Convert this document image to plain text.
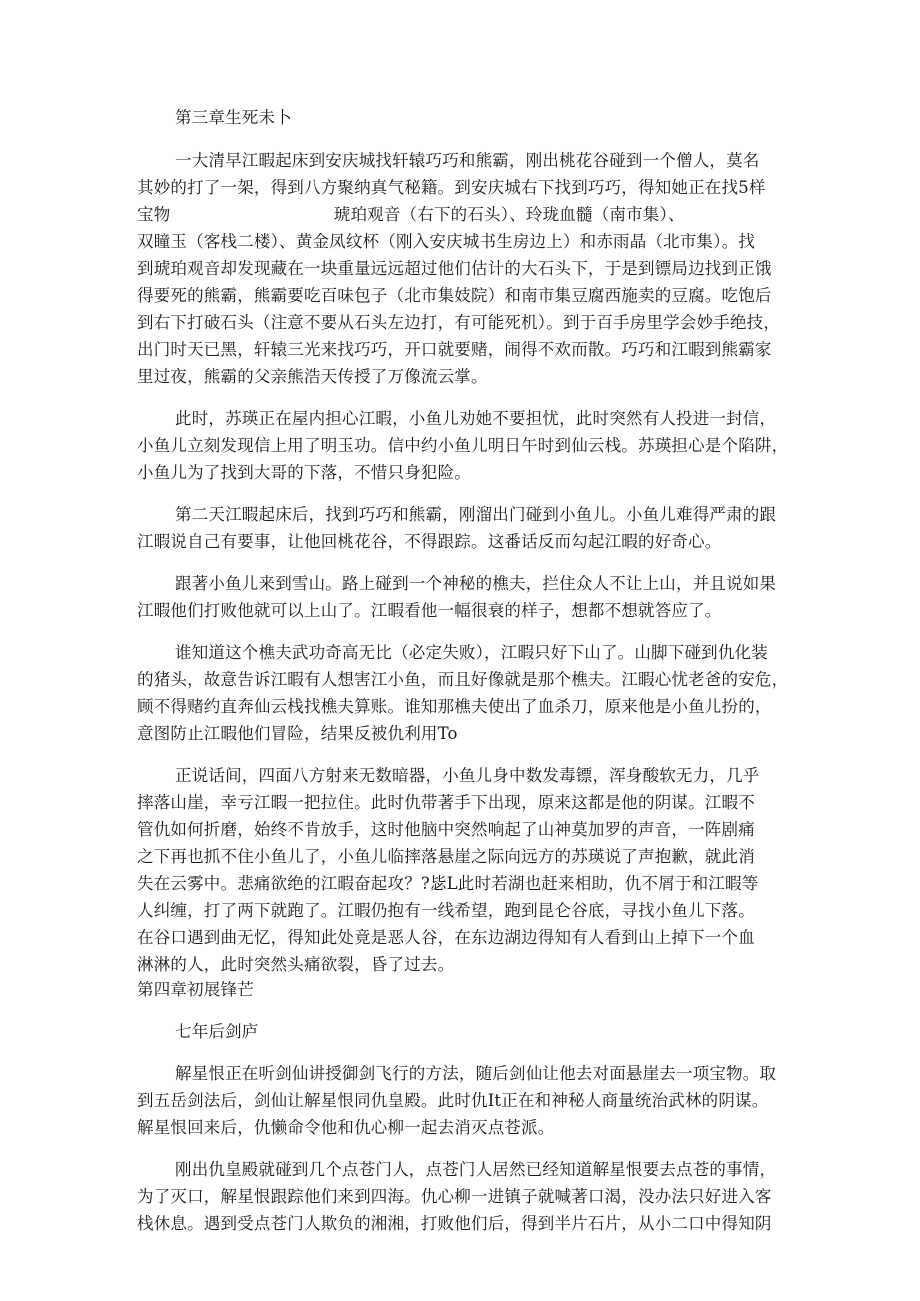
第三章生死未卜
一大清早江暇起床到安庆城找轩辕巧巧和熊霸，刚出桃花谷碰到一个僧人，莫名
其妙的打了一架，得到八方聚纳真气秘籍。到安庆城右下找到巧巧，得知她正在找5样
宝物                              琥珀观音（右下的石头）、玲珑血髓（南市集）、
双瞳玉（客栈二楼）、黄金凤纹杯（刚入安庆城书生房边上）和赤雨晶（北市集）。找
到琥珀观音却发现藏在一块重量远远超过他们估计的大石头下，于是到镖局边找到正饿
得要死的熊霸，熊霸要吃百味包子（北市集妓院）和南市集豆腐西施卖的豆腐。吃饱后
到右下打破石头（注意不要从石头左边打，有可能死机）。到于百手房里学会妙手绝技，
出门时天已黑，轩辕三光来找巧巧，开口就要赌，闹得不欢而散。巧巧和江暇到熊霸家
里过夜，熊霸的父亲熊浩天传授了万像流云掌。
此时，苏瑛正在屋内担心江暇，小鱼儿劝她不要担忧，此时突然有人投进一封信，
小鱼儿立刻发现信上用了明玉功。信中约小鱼儿明日午时到仙云栈。苏瑛担心是个陷阱，
小鱼儿为了找到大哥的下落，不惜只身犯险。
第二天江暇起床后，找到巧巧和熊霸，刚溜出门碰到小鱼儿。小鱼儿难得严肃的跟
江暇说自己有要事，让他回桃花谷，不得跟踪。这番话反而勾起江暇的好奇心。
跟著小鱼儿来到雪山。路上碰到一个神秘的樵夫，拦住众人不让上山，并且说如果
江暇他们打败他就可以上山了。江暇看他一幅很衰的样子，想都不想就答应了。
谁知道这个樵夫武功奇高无比（必定失败），江暇只好下山了。山脚下碰到仇化装
的猪头，故意告诉江暇有人想害江小鱼，而且好像就是那个樵夫。江暇心忧老爸的安危，
顾不得赌约直奔仙云栈找樵夫算账。谁知那樵夫使出了血杀刀，原来他是小鱼儿扮的，
意图防止江暇他们冒险，结果反被仇利用To
正说话间，四面八方射来无数暗器，小鱼儿身中数发毒镖，浑身酸软无力，几乎
摔落山崖，幸亏江暇一把拉住。此时仇带著手下出现，原来这都是他的阴谋。江暇不
管仇如何折磨，始终不肯放手，这时他脑中突然响起了山神莫加罗的声音，一阵剧痛
之下再也抓不住小鱼儿了，小鱼儿临摔落悬崖之际向远方的苏瑛说了声抱歉，就此消
失在云雾中。悲痛欲绝的江暇奋起攻？?毖L此时若湖也赶来相助，仇不屑于和江暇等
人纠缠，打了两下就跑了。江暇仍抱有一线希望，跑到昆仑谷底，寻找小鱼儿下落。
在谷口遇到曲无忆，得知此处竟是恶人谷，在东边湖边得知有人看到山上掉下一个血
淋淋的人，此时突然头痛欲裂，昏了过去。
第四章初展锋芒
七年后剑庐
解星恨正在听剑仙讲授御剑飞行的方法，随后剑仙让他去对面悬崖去一项宝物。取
到五岳剑法后，剑仙让解星恨同仇皇殿。此时仇It正在和神秘人商量统治武林的阴谋。
解星恨回来后，仇懒命令他和仇心柳一起去消灭点苍派。
刚出仇皇殿就碰到几个点苍门人，点苍门人居然已经知道解星恨要去点苍的事情，
为了灭口，解星恨跟踪他们来到四海。仇心柳一进镇子就喊著口渴，没办法只好进入客
栈休息。遇到受点苍门人欺负的湘湘，打败他们后，得到半片石片，从小二口中得知阴
